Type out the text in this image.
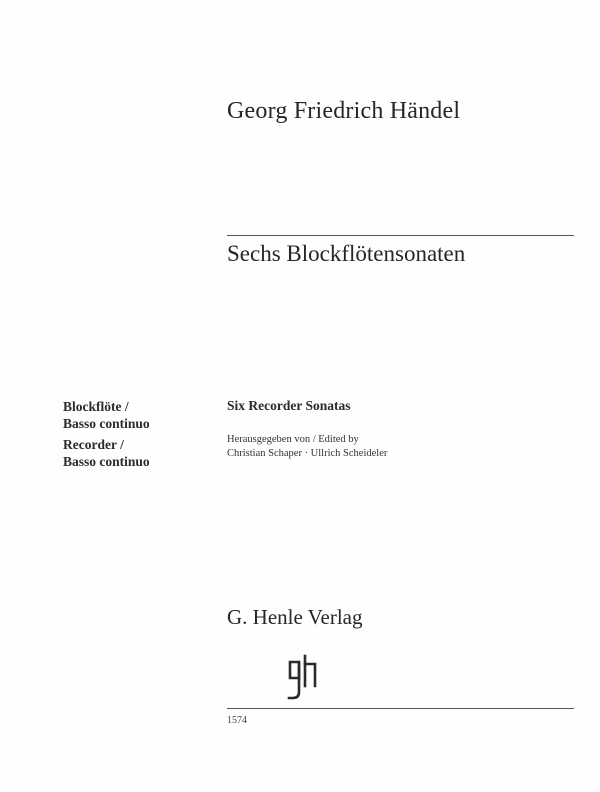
Georg Friedrich Händel
Sechs Blockflötensonaten
Blockflöte /
Basso continuo
Recorder /
Basso continuo
Six Recorder Sonatas
Herausgegeben von / Edited by
Christian Schaper · Ullrich Scheideler
G. Henle Verlag
1574
